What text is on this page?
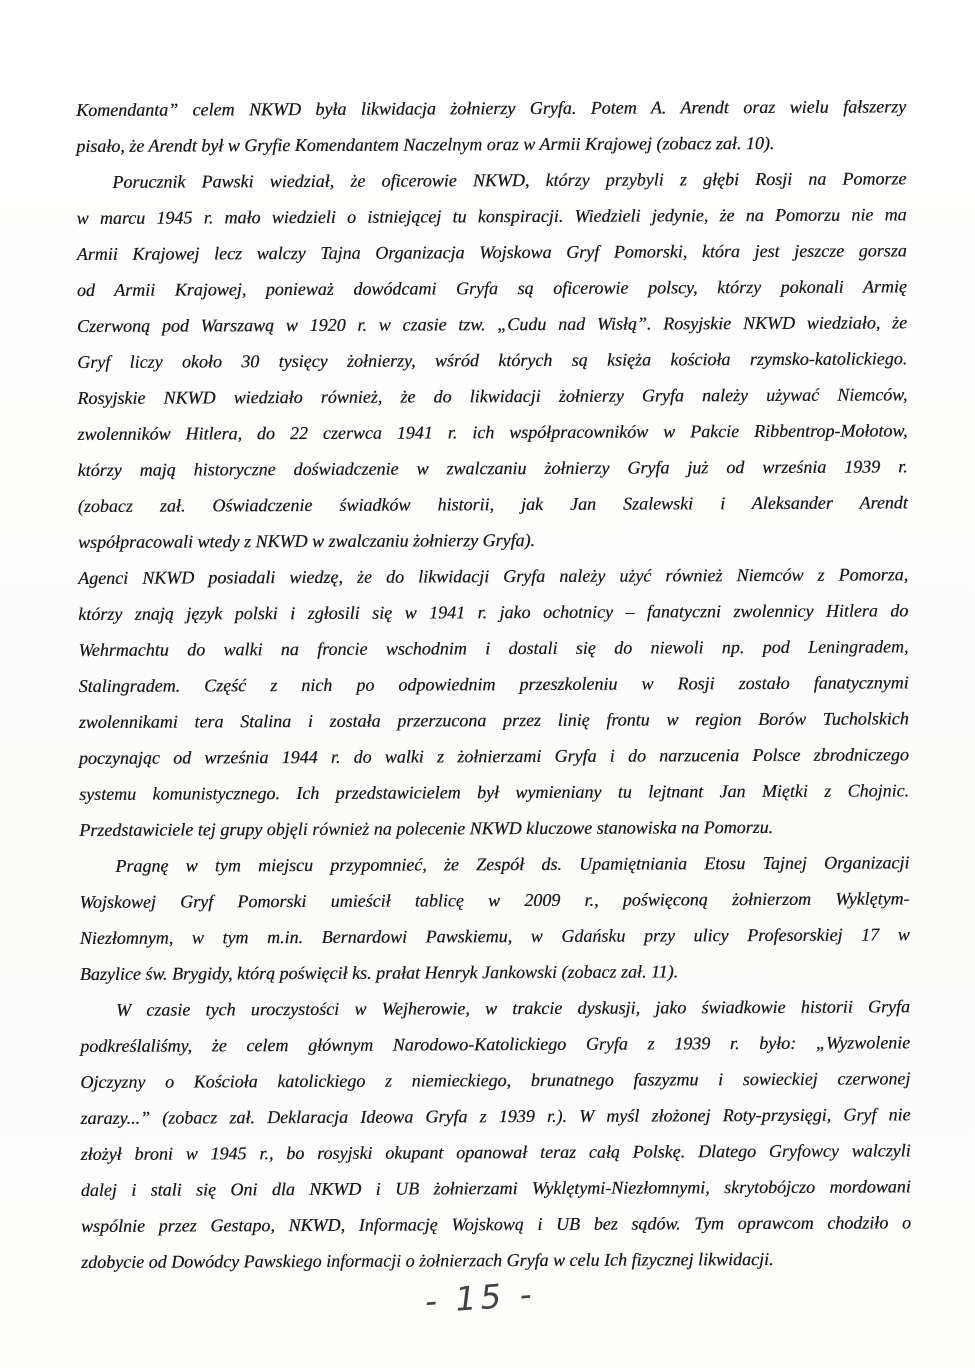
Komendanta” celem NKWD była likwidacja żołnierzy Gryfa. Potem A. Arendt oraz wielu fałszerzy
pisało, że Arendt był w Gryfie Komendantem Naczelnym oraz w Armii Krajowej (zobacz zał. 10).
Porucznik Pawski wiedział, że oficerowie NKWD, którzy przybyli z głębi Rosji na Pomorze
w marcu 1945 r. mało wiedzieli o istniejącej tu konspiracji. Wiedzieli jedynie, że na Pomorzu nie ma
Armii Krajowej lecz walczy Tajna Organizacja Wojskowa Gryf Pomorski, która jest jeszcze gorsza
od Armii Krajowej, ponieważ dowódcami Gryfa są oficerowie polscy, którzy pokonali Armię
Czerwoną pod Warszawą w 1920 r. w czasie tzw. „Cudu nad Wisłą”. Rosyjskie NKWD wiedziało, że
Gryf liczy około 30 tysięcy żołnierzy, wśród których są księża kościoła rzymsko-katolickiego.
Rosyjskie NKWD wiedziało również, że do likwidacji żołnierzy Gryfa należy używać Niemców,
zwolenników Hitlera, do 22 czerwca 1941 r. ich współpracowników w Pakcie Ribbentrop-Mołotow,
którzy mają historyczne doświadczenie w zwalczaniu żołnierzy Gryfa już od września 1939 r.
(zobacz zał. Oświadczenie świadków historii, jak Jan Szalewski i Aleksander Arendt
współpracowali wtedy z NKWD w zwalczaniu żołnierzy Gryfa).
Agenci NKWD posiadali wiedzę, że do likwidacji Gryfa należy użyć również Niemców z Pomorza,
którzy znają język polski i zgłosili się w 1941 r. jako ochotnicy – fanatyczni zwolennicy Hitlera do
Wehrmachtu do walki na froncie wschodnim i dostali się do niewoli np. pod Leningradem,
Stalingradem. Część z nich po odpowiednim przeszkoleniu w Rosji zostało fanatycznymi
zwolennikami tera Stalina i została przerzucona przez linię frontu w region Borów Tucholskich
poczynając od września 1944 r. do walki z żołnierzami Gryfa i do narzucenia Polsce zbrodniczego
systemu komunistycznego. Ich przedstawicielem był wymieniany tu lejtnant Jan Miętki z Chojnic.
Przedstawiciele tej grupy objęli również na polecenie NKWD kluczowe stanowiska na Pomorzu.
Pragnę w tym miejscu przypomnieć, że Zespół ds. Upamiętniania Etosu Tajnej Organizacji
Wojskowej Gryf Pomorski umieścił tablicę w 2009 r., poświęconą żołnierzom Wyklętym-
Niezłomnym, w tym m.in. Bernardowi Pawskiemu, w Gdańsku przy ulicy Profesorskiej 17 w
Bazylice św. Brygidy, którą poświęcił ks. prałat Henryk Jankowski (zobacz zał. 11).
W czasie tych uroczystości w Wejherowie, w trakcie dyskusji, jako świadkowie historii Gryfa
podkreślaliśmy, że celem głównym Narodowo-Katolickiego Gryfa z 1939 r. było: „Wyzwolenie
Ojczyzny o Kościoła katolickiego z niemieckiego, brunatnego faszyzmu i sowieckiej czerwonej
zarazy...” (zobacz zał. Deklaracja Ideowa Gryfa z 1939 r.). W myśl złożonej Roty-przysięgi, Gryf nie
złożył broni w 1945 r., bo rosyjski okupant opanował teraz całą Polskę. Dlatego Gryfowcy walczyli
dalej i stali się Oni dla NKWD i UB żołnierzami Wyklętymi-Niezłomnymi, skrytobójczo mordowani
wspólnie przez Gestapo, NKWD, Informację Wojskową i UB bez sądów. Tym oprawcom chodziło o
zdobycie od Dowódcy Pawskiego informacji o żołnierzach Gryfa w celu Ich fizycznej likwidacji.
- 15 -
